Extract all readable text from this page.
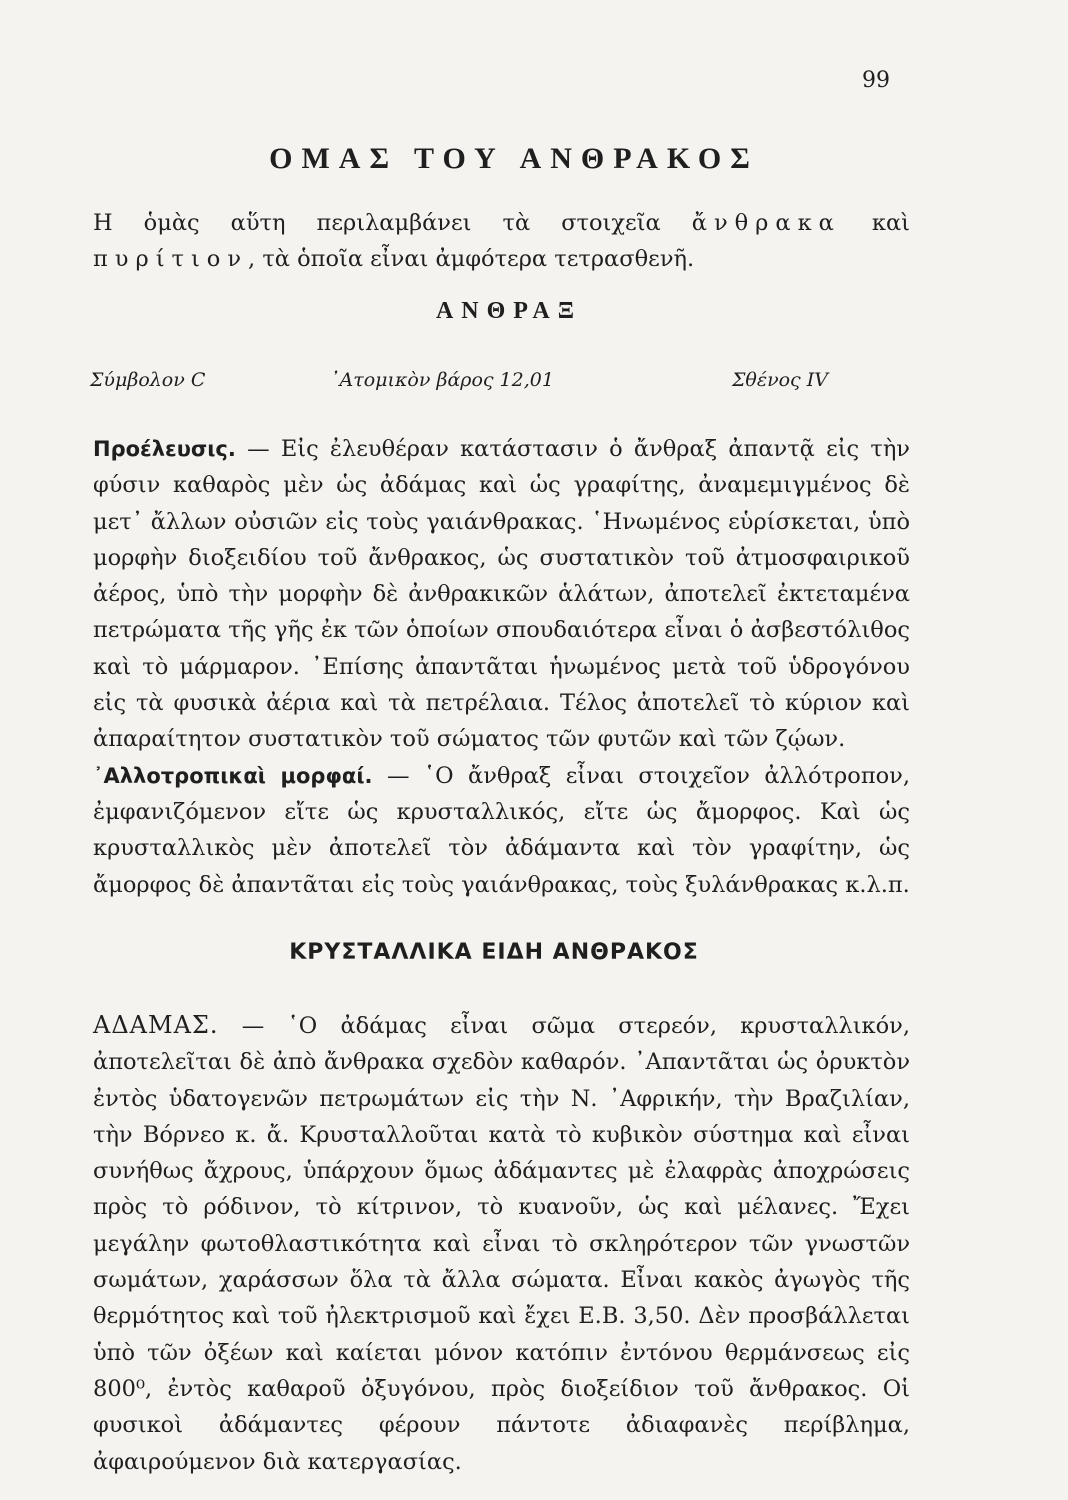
99
ΟΜΑΣ ΤΟΥ ΑΝΘΡΑΚΟΣ
Η ὁμὰς αὕτη περιλαμβάνει τὰ στοιχεῖα ἄνθρακα καὶ πυρίτιον, τὰ ὁποῖα εἶναι ἀμφότερα τετρασθενῆ.
ΑΝΘΡΑΞ
Σύμβολον C	᾿Ατομικὸν βάρος 12,01	Σθένος IV

Προέλευσις. — Εἰς ἐλευθέραν κατάστασιν ὁ ἄνθραξ ἀπαντᾷ εἰς τὴν φύσιν καθαρὸς μὲν ὡς ἀδάμας καὶ ὡς γραφίτης, ἀναμεμιγμένος δὲ μετ᾿ ἄλλων οὐσιῶν εἰς τοὺς γαιάνθρακας. ῾Ηνωμένος εὑρίσκεται, ὑπὸ μορφὴν διοξειδίου τοῦ ἄνθρακος, ὡς συστατικὸν τοῦ ἀτμοσφαιρικοῦ ἀέρος, ὑπὸ τὴν μορφὴν δὲ ἀνθρακικῶν ἁλάτων, ἀποτελεῖ ἐκτεταμένα πετρώματα τῆς γῆς ἐκ τῶν ὁποίων σπουδαιότερα εἶναι ὁ ἀσβεστόλιθος καὶ τὸ μάρμαρον. ᾿Επίσης ἀπαντᾶται ἡνωμένος μετὰ τοῦ ὑδρογόνου εἰς τὰ φυσικὰ ἀέρια καὶ τὰ πετρέλαια. Τέλος ἀποτελεῖ τὸ κύριον καὶ ἀπαραίτητον συστατικὸν τοῦ σώματος τῶν φυτῶν καὶ τῶν ζῴων.

᾿Αλλοτροπικαὶ μορφαί. — ῾Ο ἄνθραξ εἶναι στοιχεῖον ἀλλότροπον, ἐμφανιζόμενον εἴτε ὡς κρυσταλλικός, εἴτε ὡς ἄμορφος. Καὶ ὡς κρυσταλλικὸς μὲν ἀποτελεῖ τὸν ἀδάμαντα καὶ τὸν γραφίτην, ὡς ἄμορφος δὲ ἀπαντᾶται εἰς τοὺς γαιάνθρακας, τοὺς ξυλάνθρακας κ.λ.π.

ΚΡΥΣΤΑΛΛΙΚΑ ΕΙΔΗ ΑΝΘΡΑΚΟΣ
ΑΔΑΜΑΣ. — ῾Ο ἀδάμας εἶναι σῶμα στερεόν, κρυσταλλικόν, ἀποτελεῖται δὲ ἀπὸ ἄνθρακα σχεδὸν καθαρόν. ᾿Απαντᾶται ὡς ὀρυκτὸν ἐντὸς ὑδατογενῶν πετρωμάτων εἰς τὴν Ν. ᾿Αφρικήν, τὴν Βραζιλίαν, τὴν Βόρνεο κ. ἄ. Κρυσταλλοῦται κατὰ τὸ κυβικὸν σύστημα καὶ εἶναι συνήθως ἄχρους, ὑπάρχουν ὅμως ἀδάμαντες μὲ ἐλαφρὰς ἀποχρώσεις πρὸς τὸ ρόδινον, τὸ κίτρινον, τὸ κυανοῦν, ὡς καὶ μέλανες. Ἔχει μεγάλην φωτοθλαστικότητα καὶ εἶναι τὸ σκληρότερον τῶν γνωστῶν σωμάτων, χαράσσων ὅλα τὰ ἄλλα σώματα. Εἶναι κακὸς ἀγωγὸς τῆς θερμότητος καὶ τοῦ ἠλεκτρισμοῦ καὶ ἔχει Ε.Β. 3,50. Δὲν προσβάλλεται ὑπὸ τῶν ὀξέων καὶ καίεται μόνον κατόπιν ἐντόνου θερμάνσεως εἰς 800⁰, ἐντὸς καθαροῦ ὀξυγόνου, πρὸς διοξείδιον τοῦ ἄνθρακος. Οἱ φυσικοὶ ἀδάμαντες φέρουν πάντοτε ἀδιαφανὲς περίβλημα, ἀφαιρούμενον διὰ κατεργασίας.
